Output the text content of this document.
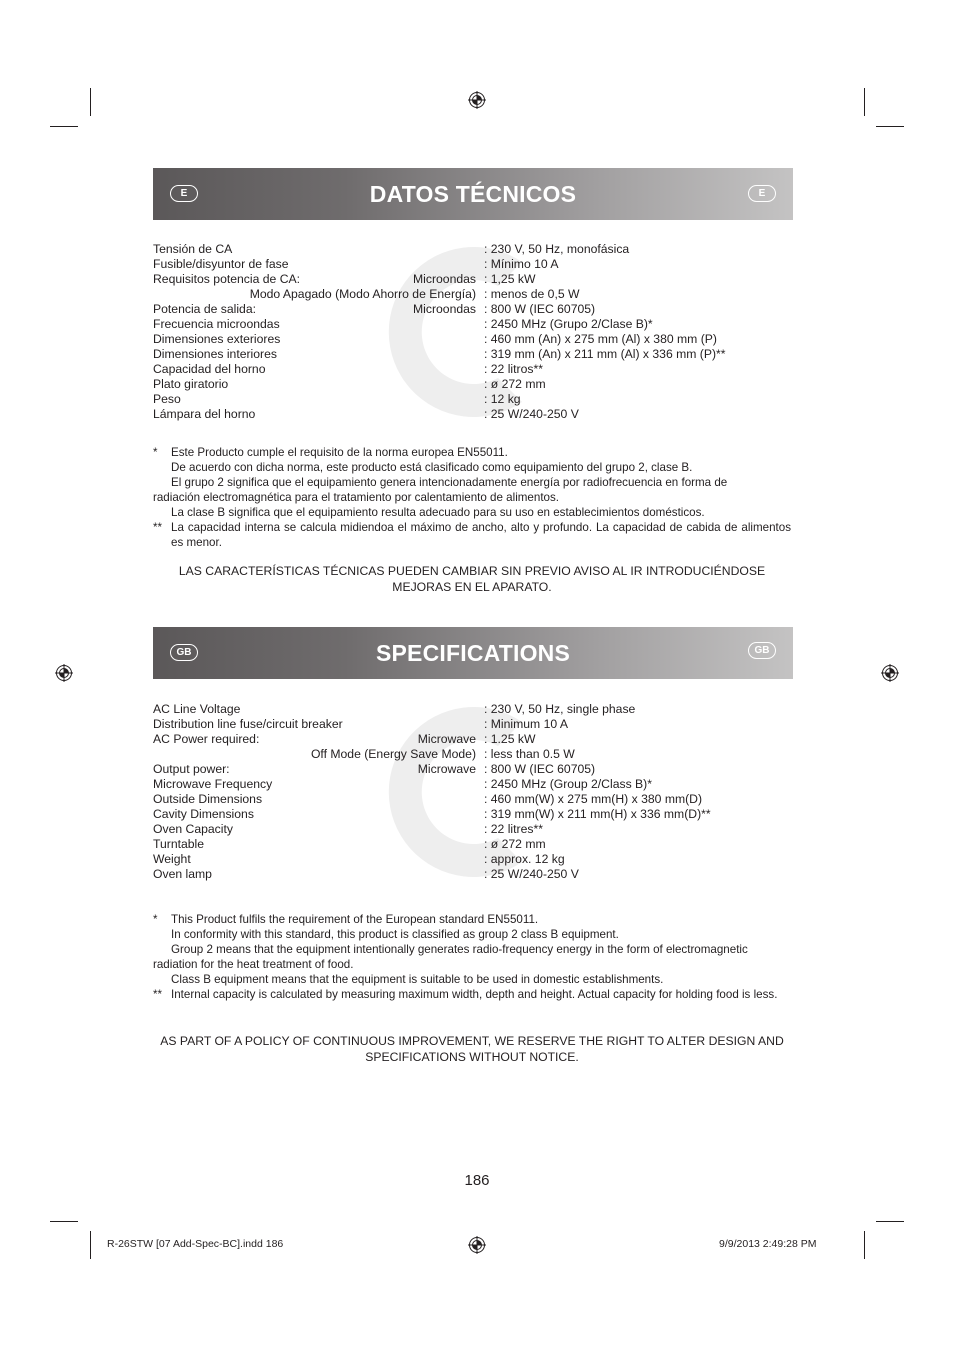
E	DATOS TÉCNICOS	E
Tensión de CA	: 230 V, 50 Hz, monofásica
Fusible/disyuntor de fase	: Mínimo 10 A
Requisitos potencia de CA:	Microondas : 1,25 kW
Modo Apagado (Modo Ahorro de Energía) : menos de 0,5 W
Potencia de salida:	Microondas : 800 W (IEC 60705)
Frecuencia microondas	: 2450 MHz (Grupo 2/Clase B)*
Dimensiones exteriores	: 460 mm (An) x 275 mm (Al) x 380 mm (P)
Dimensiones interiores	: 319 mm (An) x 211 mm (Al) x 336 mm (P)**
Capacidad del horno	: 22 litros**
Plato giratorio	: ø 272 mm
Peso	: 12 kg
Lámpara del horno	: 25 W/240-250 V
* Este Producto cumple el requisito de la norma europea EN55011.

De acuerdo con dicha norma, este producto está clasificado como equipamiento del grupo 2, clase B.

El grupo 2 significa que el equipamiento genera intencionadamente energía por radiofrecuencia en forma de

radiación electromagnética para el tratamiento por calentamiento de alimentos.

La clase B significa que el equipamiento resulta adecuado para su uso en establecimientos domésticos.

** La capacidad interna se calcula midiendoa el máximo de ancho, alto y profundo. La capacidad de cabida de alimentos es menor.

LAS CARACTERÍSTICAS TÉCNICAS PUEDEN CAMBIAR SIN PREVIO AVISO AL IR INTRODUCIÉNDOSE MEJORAS EN EL APARATO.
GB	SPECIFICATIONS	GB
AC Line Voltage	: 230 V, 50 Hz, single phase
Distribution line fuse/circuit breaker	: Minimum 10 A
AC Power required:	Microwave : 1.25 kW
Off Mode (Energy Save Mode) : less than 0.5 W
Output power:	Microwave : 800 W (IEC 60705)
Microwave Frequency	: 2450 MHz (Group 2/Class B)*
Outside Dimensions	: 460 mm(W) x 275 mm(H) x 380 mm(D)
Cavity Dimensions	: 319 mm(W) x 211 mm(H) x 336 mm(D)**
Oven Capacity	: 22 litres**
Turntable	: ø 272 mm
Weight	: approx. 12 kg
Oven lamp	: 25 W/240-250 V
* This Product fulfils the requirement of the European standard EN55011.

In conformity with this standard, this product is classified as group 2 class B equipment.

Group 2 means that the equipment intentionally generates radio-frequency energy in the form of electromagnetic

radiation for the heat treatment of food.

Class B equipment means that the equipment is suitable to be used in domestic establishments.

** Internal capacity is calculated by measuring maximum width, depth and height. Actual capacity for holding food is less.

AS PART OF A POLICY OF CONTINUOUS IMPROVEMENT, WE RESERVE THE RIGHT TO ALTER DESIGN AND SPECIFICATIONS WITHOUT NOTICE.
186
R-26STW [07 Add-Spec-BC].indd 186	9/9/2013 2:49:28 PM
